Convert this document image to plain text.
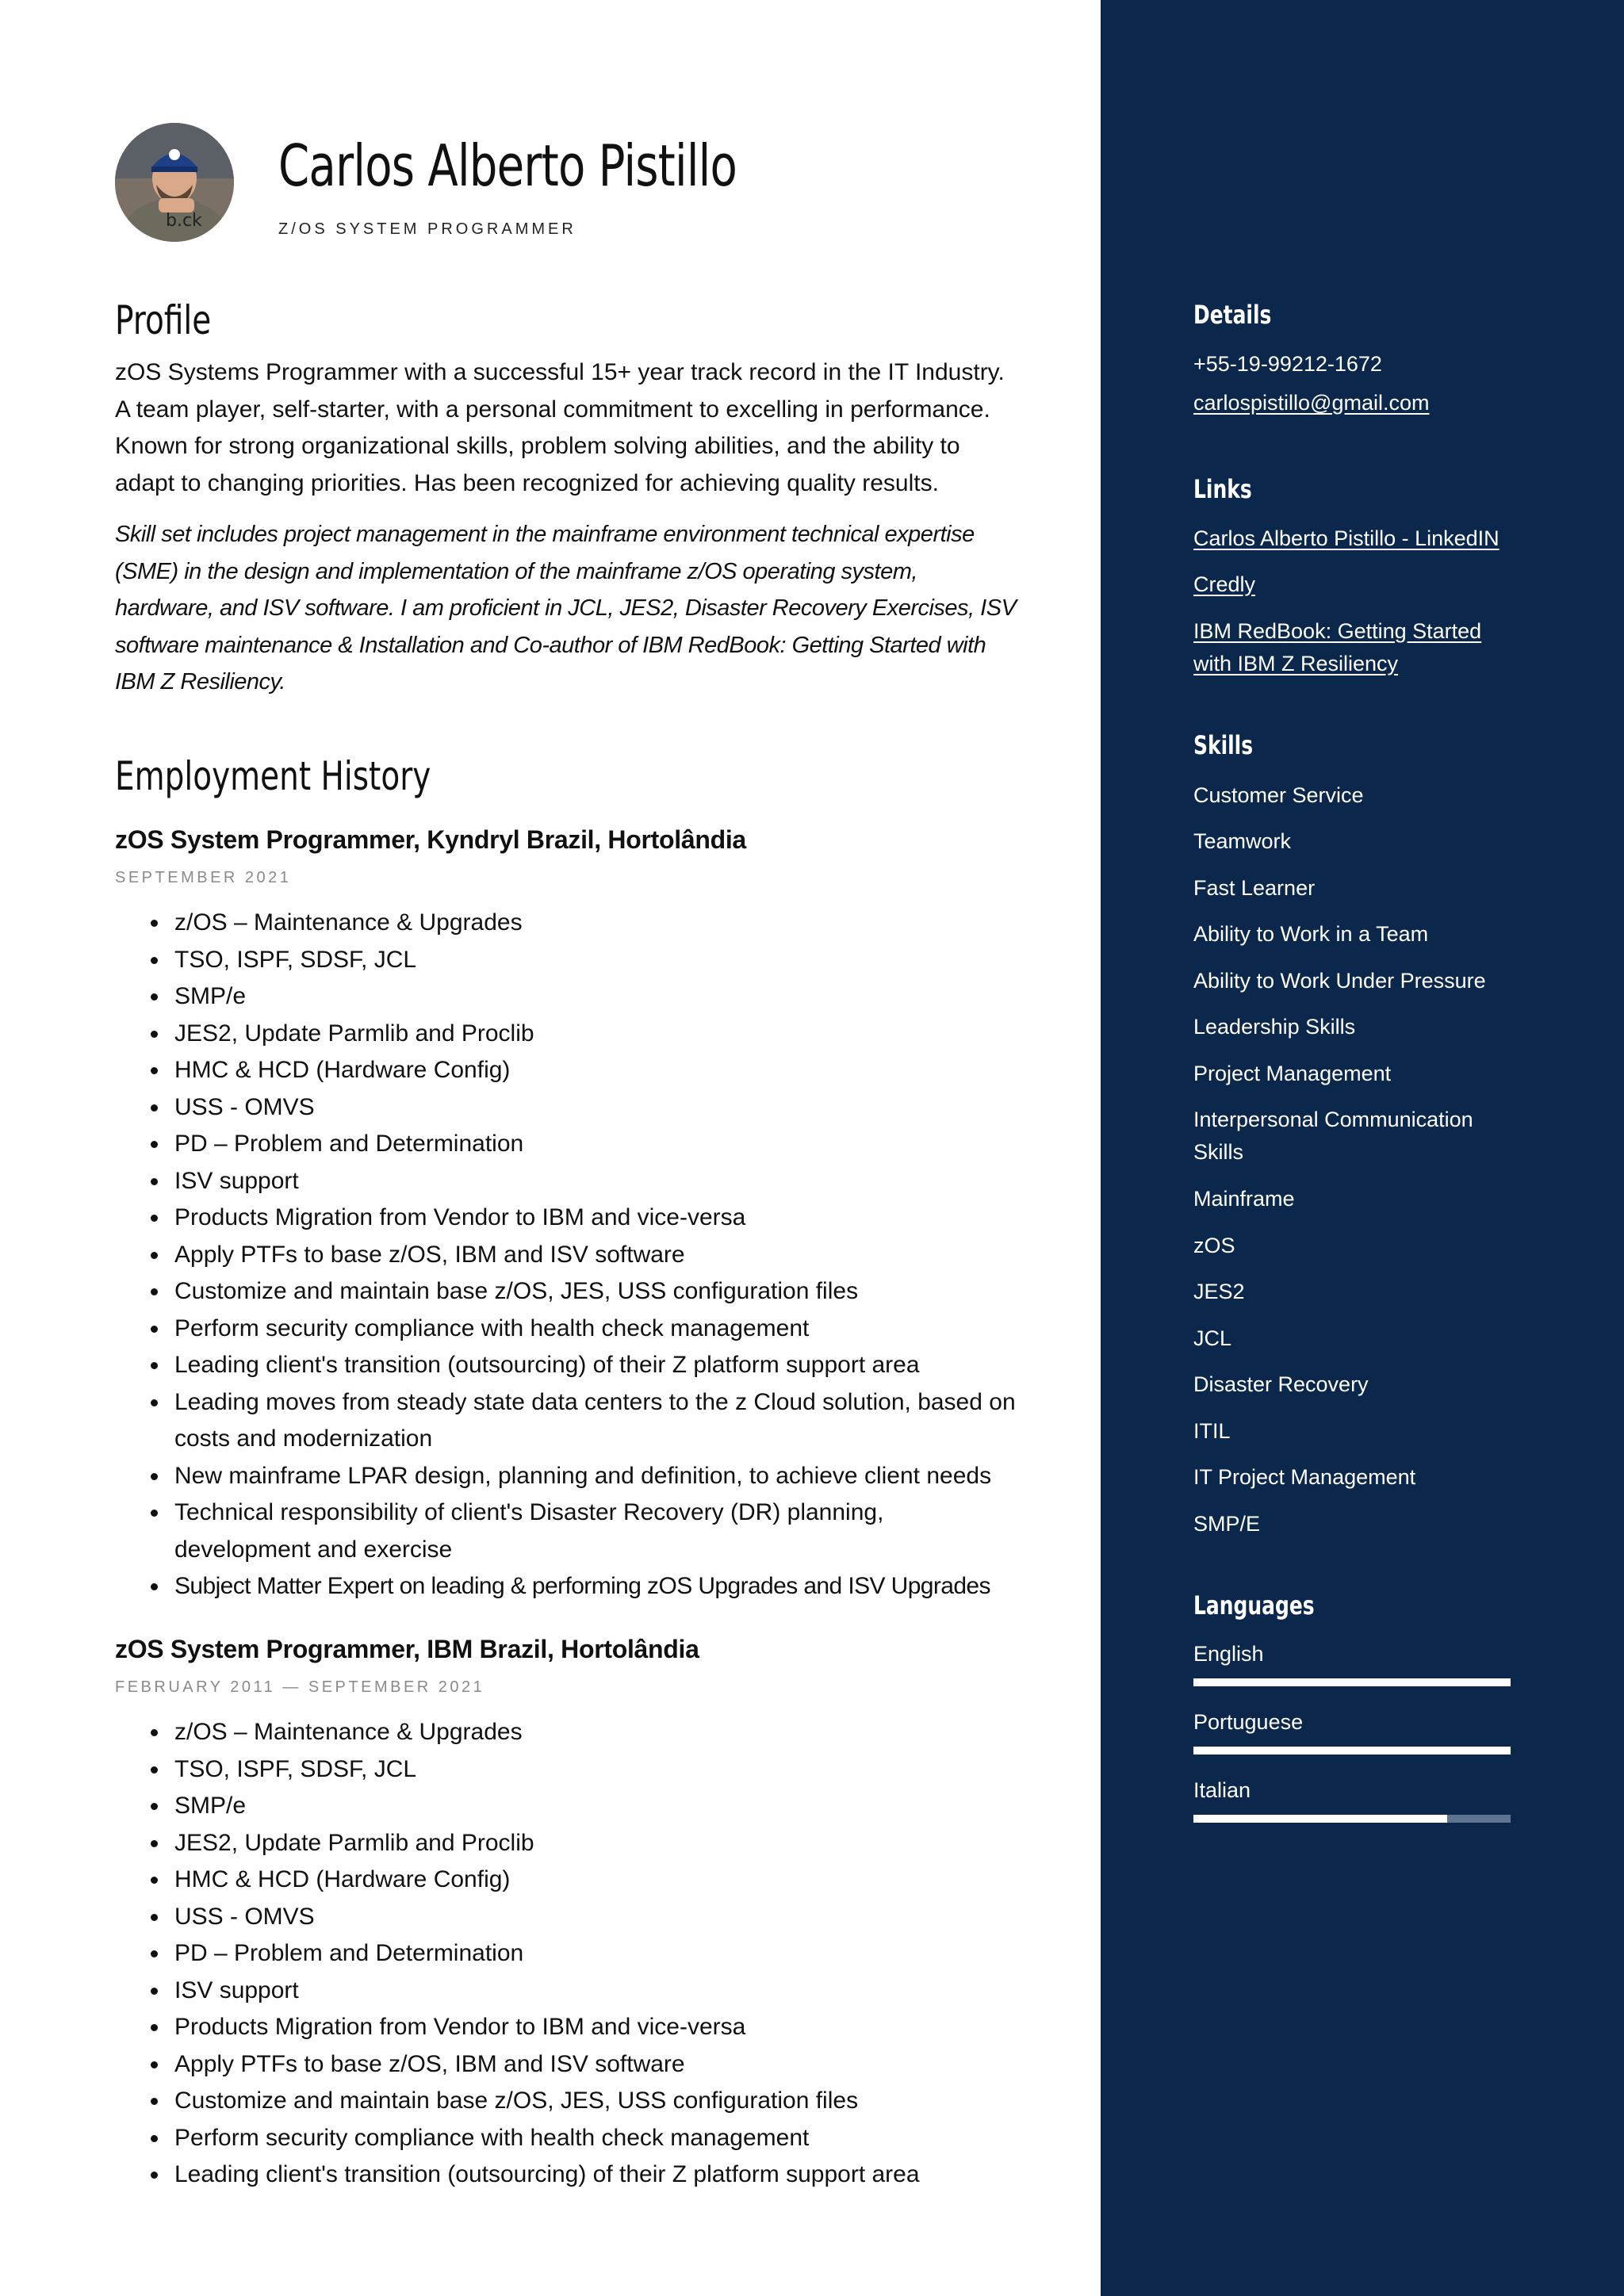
b.ck
Carlos Alberto Pistillo
Z/OS SYSTEM PROGRAMMER
Profile

zOS Systems Programmer with a successful 15+ year track record in the IT Industry. A team player, self-starter, with a personal commitment to excelling in performance. Known for strong organizational skills, problem solving abilities, and the ability to adapt to changing priorities. Has been recognized for achieving quality results.

Skill set includes project management in the mainframe environment technical expertise (SME) in the design and implementation of the mainframe z/OS operating system, hardware, and ISV software. I am proficient in JCL, JES2, Disaster Recovery Exercises, ISV software maintenance & Installation and Co-author of IBM RedBook: Getting Started with IBM Z Resiliency.

Employment History
zOS System Programmer, Kyndryl Brazil, Hortolândia
SEPTEMBER 2021
z/OS – Maintenance & Upgrades
TSO, ISPF, SDSF, JCL
SMP/e
JES2, Update Parmlib and Proclib
HMC & HCD (Hardware Config)
USS - OMVS
PD – Problem and Determination
ISV support
Products Migration from Vendor to IBM and vice-versa
Apply PTFs to base z/OS, IBM and ISV software
Customize and maintain base z/OS, JES, USS configuration files
Perform security compliance with health check management
Leading client's transition (outsourcing) of their Z platform support area
Leading moves from steady state data centers to the z Cloud solution, based on costs and modernization
New mainframe LPAR design, planning and definition, to achieve client needs
Technical responsibility of client's Disaster Recovery (DR) planning, development and exercise
Subject Matter Expert on leading & performing zOS Upgrades and ISV Upgrades
zOS System Programmer, IBM Brazil, Hortolândia
FEBRUARY 2011 — SEPTEMBER 2021
z/OS – Maintenance & Upgrades
TSO, ISPF, SDSF, JCL
SMP/e
JES2, Update Parmlib and Proclib
HMC & HCD (Hardware Config)
USS - OMVS
PD – Problem and Determination
ISV support
Products Migration from Vendor to IBM and vice-versa
Apply PTFs to base z/OS, IBM and ISV software
Customize and maintain base z/OS, JES, USS configuration files
Perform security compliance with health check management
Leading client's transition (outsourcing) of their Z platform support area
Details
+55-19-99212-1672
carlospistillo@gmail.com
Links
Carlos Alberto Pistillo - LinkedIN
Credly
IBM RedBook: Getting Started with IBM Z Resiliency
Skills
Customer Service
Teamwork
Fast Learner
Ability to Work in a Team
Ability to Work Under Pressure
Leadership Skills
Project Management
Interpersonal Communication Skills
Mainframe
zOS
JES2
JCL
Disaster Recovery
ITIL
IT Project Management
SMP/E
Languages
English
Portuguese
Italian
